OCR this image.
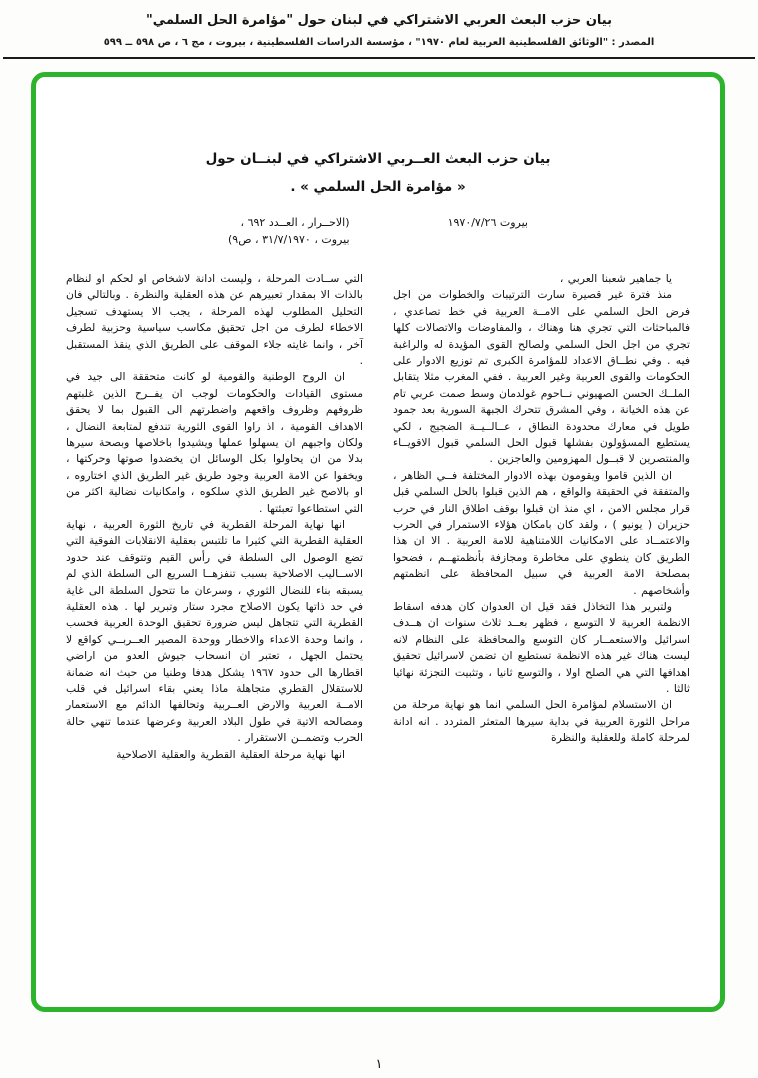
بيان حزب البعث العربي الاشتراكي في لبنان حول "مؤامرة الحل السلمي"
المصدر : "الوثائق الفلسطينية العربية لعام ١٩٧٠" ، مؤسسة الدراسات الفلسطينية ، بيروت ، مج ٦ ، ص ٥٩٨ ــ ٥٩٩
بيان حزب البعث العــربي الاشتراكي في لبنــان حول
« مؤامرة الحل السلمي » .
بيروت ١٩٧٠/٧/٢٦
(الاحــرار ، العــدد ٦٩٢ ،
بيروت ، ٣١/٧/١٩٧٠ ، ص٩)

يا جماهير شعبنا العربي ،

منذ فترة غير قصيرة سارت الترتيبات والخطوات من اجل فرض الحل السلمي على الامــة العربية في خط تصاعدي ، فالمباحثات التي تجري هنا وهناك ، والمفاوضات والاتصالات كلها تجري من اجل الحل السلمي ولصالح القوى المؤيدة له والراغبة فيه . وفي نطــاق الاعداد للمؤامرة الكبرى تم توزيع الادوار على الحكومات والقوى العربية وغير العربية . ففي المغرب مثلا يتقابل الملــك الحسن الصهيوني نــاحوم غولدمان وسط صمت عربي تام عن هذه الخيانة ، وفي المشرق تتحرك الجبهة السورية بعد جمود طويل في معارك محدودة النطاق ، عــالــيــة الضجيج ، لكي يستطيع المسؤولون بفشلها قبول الحل السلمي قبول الاقويــاء والمنتصرين لا قبــول المهزومين والعاجزين .

ان الذين قاموا ويقومون بهذه الادوار المختلفة فــي الظاهر ، والمتفقة في الحقيقة والواقع ، هم الذين قبلوا بالحل السلمي قبل قرار مجلس الامن ، اي منذ ان قبلوا بوقف اطلاق النار في حرب حزيران ( يونيو ) ، ولقد كان بامكان هؤلاء الاستمرار في الحرب والاعتمــاد على الامكانيات اللامتناهية للامة العربية . الا ان هذا الطريق كان ينطوي على مخاطرة ومجازفة بأنظمتهــم ، فضحوا بمصلحة الامة العربية في سبيل المحافظة على انظمتهم وأشخاصهم .

ولتبرير هذا التخاذل فقد قيل ان العدوان كان هدفه اسقاط الانظمة العربية لا التوسع ، فظهر بعــد ثلاث سنوات ان هــدف اسرائيل والاستعمــار كان التوسع والمحافظة على النظام لانه ليست هناك غير هذه الانظمة تستطيع ان تضمن لاسرائيل تحقيق اهدافها التي هي الصلح اولا ، والتوسع ثانيا ، وتثبيت التجزئة نهائيا ثالثا .

ان الاستسلام لمؤامرة الحل السلمي انما هو نهاية مرحلة من مراحل الثورة العربية في بداية سيرها المتعثر المتردد . انه ادانة لمرحلة كاملة وللعقلية والنظرة

التي ســادت المرحلة ، وليست ادانة لاشخاص او لحكم او لنظام بالذات الا بمقدار تعبيرهم عن هذه العقلية والنظرة . وبالتالي فان التحليل المطلوب لهذه المرحلة ، يجب الا يستهدف تسجيل الاخطاء لطرف من اجل تحقيق مكاسب سياسية وحزبية لطرف آخر ، وانما غايته جلاء الموقف على الطريق الذي ينقذ المستقبل .

ان الروح الوطنية والقومية لو كانت متحققة الى جيد في مستوى القيادات والحكومات لوجب ان يفــرح الذين غلبتهم ظروفهم وظروف واقعهم واضطرتهم الى القبول بما لا يحقق الاهداف القومية ، اذ راوا القوى الثورية تندفع لمتابعة النضال ، ولكان واجبهم ان يسهلوا عملها ويشيدوا باخلاصها وبصحة سيرها بدلا من ان يحاولوا بكل الوسائل ان يخضدوا صوتها وحركتها ، ويخفوا عن الامة العربية وجود طريق غير الطريق الذي اختاروه ، او بالاصح غير الطريق الذي سلكوه ، وامكانيات نضالية اكثر من التي استطاعوا تعبئتها .

انها نهاية المرحلة القطرية في تاريخ الثورة العربية ، نهاية العقلية القطرية التي كثيرا ما تلتبس بعقلية الانقلابات الفوقية التي تضع الوصول الى السلطة في رأس القيم وتتوقف عند حدود الاســاليب الاصلاحية بسبب تنفزهــا السريع الى السلطة الذي لم يسبقه بناء للنضال الثوري ، وسرعان ما تتحول السلطة الى غاية في حد ذاتها يكون الاصلاح مجرد ستار وتبرير لها . هذه العقلية القطرية التي تتجاهل ليس ضرورة تحقيق الوحدة العربية فحسب ، وانما وحدة الاعداء والاخطار ووحدة المصير العــربــي كواقع لا يحتمل الجهل ، تعتبر ان انسحاب جيوش العدو من اراضي اقطارها الى حدود ١٩٦٧ يشكل هدفا وطنيا من حيث انه ضمانة للاستقلال القطري متجاهلة ماذا يعني بقاء اسرائيل في قلب الامــة العربية والارض العــربية وتحالفها الدائم مع الاستعمار ومصالحه الاتية في طول البلاد العربية وعرضها عندما تنهي حالة الحرب وتضمــن الاستقرار .

انها نهاية مرحلة العقلية القطرية والعقلية الاصلاحية

١
